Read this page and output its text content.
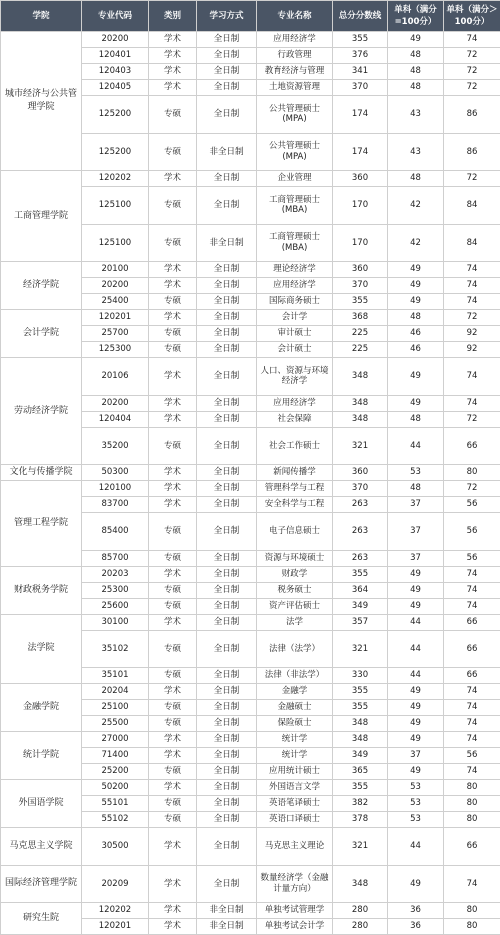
学院	专业代码	类别	学习方式	专业名称	总分分数线	单科（满分=100分）	单科（满分＞100分）
城市经济与公共管理学院	20200	学术	全日制	应用经济学	355	49	74
	120401	学术	全日制	行政管理	376	48	72
	120403	学术	全日制	教育经济与管理	341	48	72
	120405	学术	全日制	土地资源管理	370	48	72
	125200	专硕	全日制	公共管理硕士(MPA)	174	43	86
	125200	专硕	非全日制	公共管理硕士(MPA)	174	43	86
工商管理学院	120202	学术	全日制	企业管理	360	48	72
	125100	专硕	全日制	工商管理硕士(MBA)	170	42	84
	125100	专硕	非全日制	工商管理硕士(MBA)	170	42	84
经济学院	20100	学术	全日制	理论经济学	360	49	74
	20200	学术	全日制	应用经济学	370	49	74
	25400	专硕	全日制	国际商务硕士	355	49	74
会计学院	120201	学术	全日制	会计学	368	48	72
	25700	专硕	全日制	审计硕士	225	46	92
	125300	专硕	全日制	会计硕士	225	46	92
劳动经济学院	20106	学术	全日制	人口、资源与环境经济学	348	49	74
	20200	学术	全日制	应用经济学	348	49	74
	120404	学术	全日制	社会保障	348	48	72
	35200	专硕	全日制	社会工作硕士	321	44	66
文化与传播学院	50300	学术	全日制	新闻传播学	360	53	80
管理工程学院	120100	学术	全日制	管理科学与工程	370	48	72
	83700	学术	全日制	安全科学与工程	263	37	56
	85400	专硕	全日制	电子信息硕士	263	37	56
	85700	专硕	全日制	资源与环境硕士	263	37	56
财政税务学院	20203	学术	全日制	财政学	355	49	74
	25300	专硕	全日制	税务硕士	364	49	74
	25600	专硕	全日制	资产评估硕士	349	49	74
法学院	30100	学术	全日制	法学	357	44	66
	35102	专硕	全日制	法律（法学）	321	44	66
	35101	专硕	全日制	法律（非法学）	330	44	66
金融学院	20204	学术	全日制	金融学	355	49	74
	25100	专硕	全日制	金融硕士	355	49	74
	25500	专硕	全日制	保险硕士	348	49	74
统计学院	27000	学术	全日制	统计学	348	49	74
	71400	学术	全日制	统计学	349	37	56
	25200	专硕	全日制	应用统计硕士	365	49	74
外国语学院	50200	学术	全日制	外国语言文学	355	53	80
	55101	专硕	全日制	英语笔译硕士	382	53	80
	55102	专硕	全日制	英语口译硕士	378	53	80
马克思主义学院	30500	学术	全日制	马克思主义理论	321	44	66
国际经济管理学院	20209	学术	全日制	数量经济学（金融计量方向）	348	49	74
研究生院	120202	学术	非全日制	单独考试管理学	280	36	80
	120201	学术	非全日制	单独考试会计学	280	36	80
